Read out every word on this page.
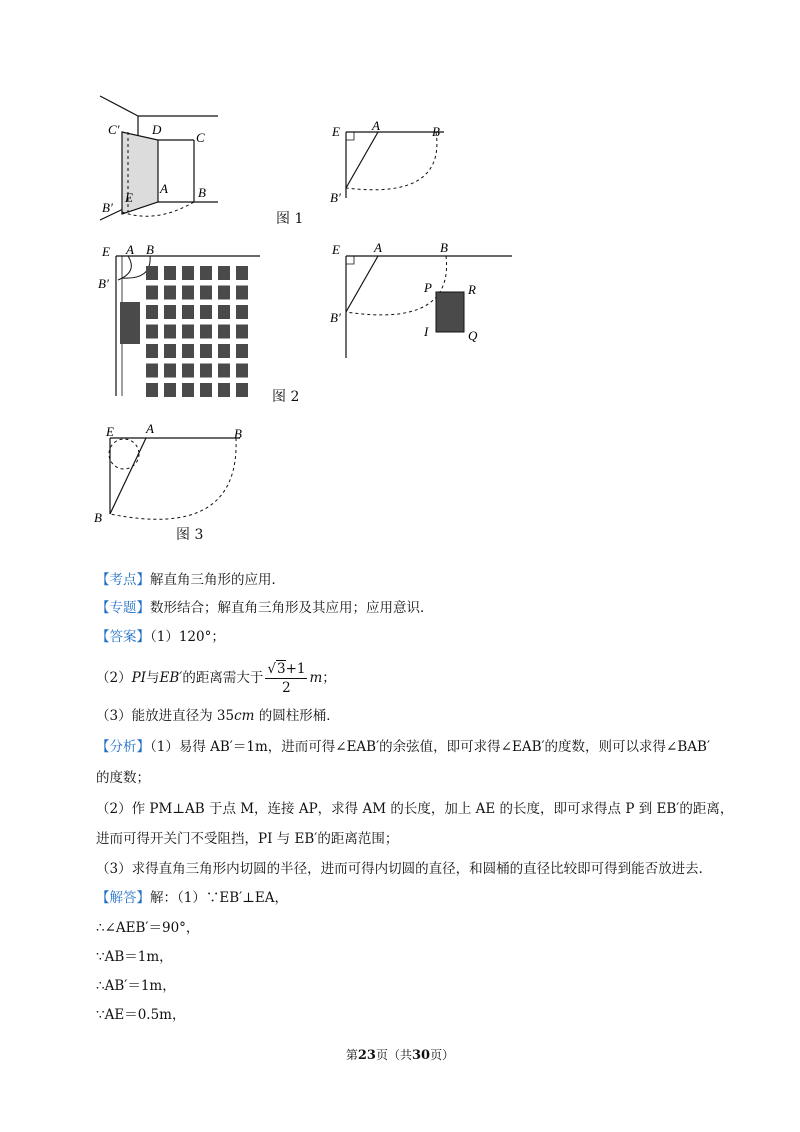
C′ D
C
E
A B
B′
E A	B
B′
图 1
E A B
B′
E	A	B
B′
P	R
I	Q
图 2
E A	B
B
图 3
【考点】解直角三角形的应用．
【专题】数形结合；解直角三角形及其应用；应用意识．
【答案】（1）120°；
（2）PI与EB′的距离需大于 $\frac{√3+1}{2}$ m；
（3）能放进直径为 35cm 的圆柱形桶．
【分析】（1）易得 AB′＝1m，进而可得∠EAB′的余弦值，即可求得∠EAB′的度数，则可以求得∠BAB′
的度数；
（2）作 PM⊥AB 于点 M，连接 AP，求得 AM 的长度，加上 AE 的长度，即可求得点 P 到 EB′的距离，
进而可得开关门不受阻挡，PI 与 EB′的距离范围；
（3）求得直角三角形内切圆的半径，进而可得内切圆的直径，和圆桶的直径比较即可得到能否放进去．
【解答】解：（1）∵EB′⊥EA，
∴∠AEB′＝90°，
∵AB＝1m，
∴AB′＝1m，
∵AE＝0.5m，
第23页（共30页）
